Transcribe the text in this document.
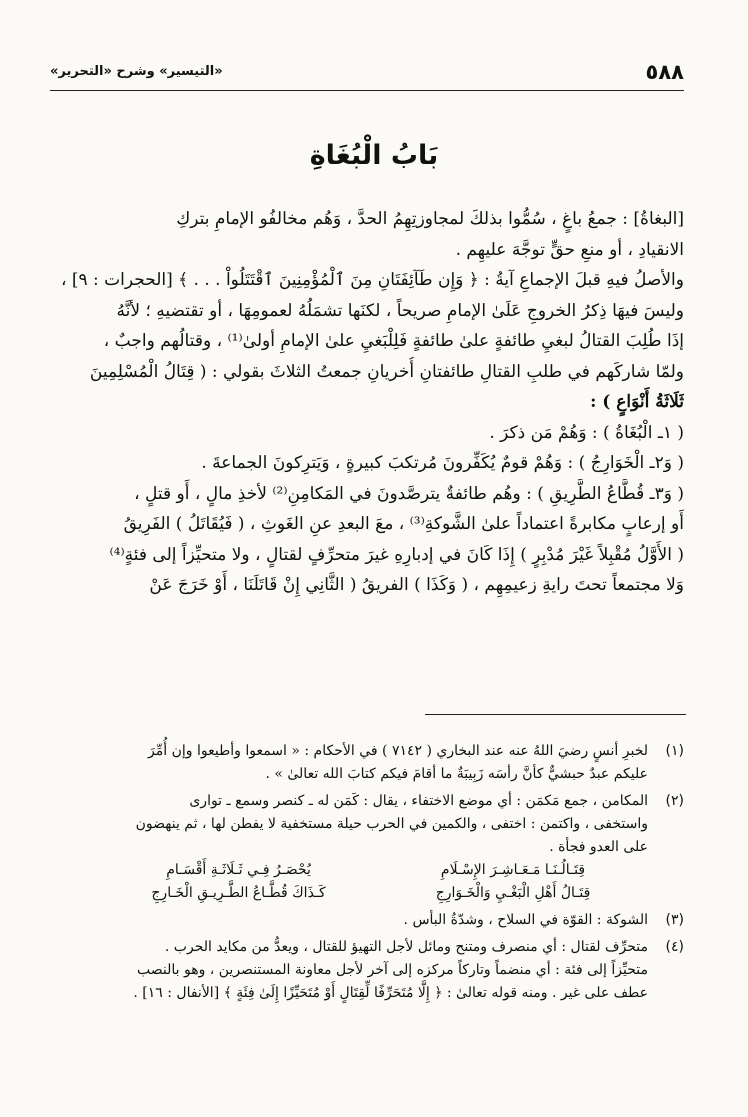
٥٨٨
«التيسير» وشرح «التحرير»
بَابُ الْبُغَاةِ
[البغاةُ] : جمعُ باغٍ ، سُمُّوا بذلكَ لمجاوزتِهِمُ الحدَّ ، وَهُم مخالفُو الإمامِ بتركِ
الانقيادِ ، أو منعِ حقٍّ توجَّهَ عليهِم .
والأصلُ فيهِ قبلَ الإجماعِ آيةُ : ﴿ وَإِن طَآئِفَتَانِ مِنَ ٱلْمُؤْمِنِينَ ٱقْتَتَلُواْ . . . ﴾ [الحجرات : ٩] ،
وليسَ فيهَا ذِكرُ الخروجِ عَلَىٰ الإمامِ صريحاً ، لكنَها تشمَلُهُ لعمومِهَا ، أو تقتضيهِ ؛ لأنَّهُ
إذَا طُلِبَ القتالُ لبغيِ طائفةٍ علىٰ طائفةٍ فَلِلْبَغيِ علىٰ الإمامِ أولىٰ⁽¹⁾ ، وقتالُهم واجبٌ ،
ولمّا شاركَهم في طلبِ القتالِ طائفتانِ أُخريانِ جمعتُ الثلاثَ بقولي : ( قِتَالُ الْمُسْلِمِينَ
ثَلَاثَةُ أَنْوَاعٍ ) :
( ١ـ الْبُغَاةُ ) : وَهُمْ مَن ذكرَ .
( وَ٢ـ الْخَوَارِجُ ) : وَهُمْ قومٌ يُكَفِّرونَ مُرتكبَ كبيرةٍ ، وَيَترِكونَ الجماعةَ .
( وَ٣ـ قُطَّاعُ الطَّرِيقِ ) : وهُم طائفةٌ يترصَّدونَ في المَكامِنِ⁽²⁾ لأخذِ مالٍ ، أَو قتلٍ ،
أَو إرعابٍ مكابرةً اعتماداً علىٰ الشَّوكةِ⁽³⁾ ، معَ البعدِ عنِ الغَوثِ ، ( فَيُقَاتَلُ ) الفَرِيقُ
( الأَوَّلُ مُقْبِلاً غَيْرَ مُدْبِرٍ ) إِذَا كَانَ في إدبارِهِ غيرَ متحرِّفٍ لقتالٍ ، ولا متحيِّزاً إلى فئةٍ⁽⁴⁾
وَلا مجتمعاً تحتَ رايةِ زعيمِهِم ، ( وَكَذَا ) الفريقُ ( الثَّانِي إِنْ قَاتَلَنَا ، أَوْ خَرَجَ عَنْ
(١)
لخبرِ أنسٍ رضيَ اللهُ عنه عند البخاري ( ٧١٤٢ ) في الأحكام : « اسمعوا وأطيعوا وإن أُمِّرَ
عليكم عبدٌ حبشيٌّ كأنَّ رأسَه زَبِيبَةٌ ما أقامَ فيكم كتابَ الله تعالىٰ » .
(٢)
المكامن ، جمع مَكمَن : أي موضع الاختفاء ، يقال : كَمَن له ـ كنصر وسمع ـ توارى
واستخفى ، واكتمن : اختفى ، والكمين في الحرب حيلة مستخفية لا يفطن لها ، ثم ينهضون
على العدو فجأة .
قِتَـالُـنَـا مَـعَـاشِـرَ الإِسْـلَامِ يُحْصَـرُ فِـي ثَـلَاثَـةِ أَقْسَـامِ
قِتَـالُ أَهْلِ الْبَغْـيِ وَالْخَـوَارِجِ كَـذَاكَ قُطَّـاعُ الطَّـرِيـقِ الْخَـارِجِ
(٣)
الشوكة : القوّة في السلاح ، وشدّةُ البأس .
(٤)
متحرِّف لقتال : أي منصرف ومتنح ومائل لأجل التهيؤ للقتال ، ويعدُّ من مكايد الحرب .
متحيِّزاً إلى فئة : أي منضماً وتاركاً مركزه إلى آخر لأجل معاونة المستنصرين ، وهو بالنصب
عطف على غير . ومنه قوله تعالىٰ : ﴿ إِلَّا مُتَحَرِّفًا لِّقِتَالٍ أَوْ مُتَحَيِّزًا إِلَىٰ فِئَةٍ ﴾ [الأنفال : ١٦] .
